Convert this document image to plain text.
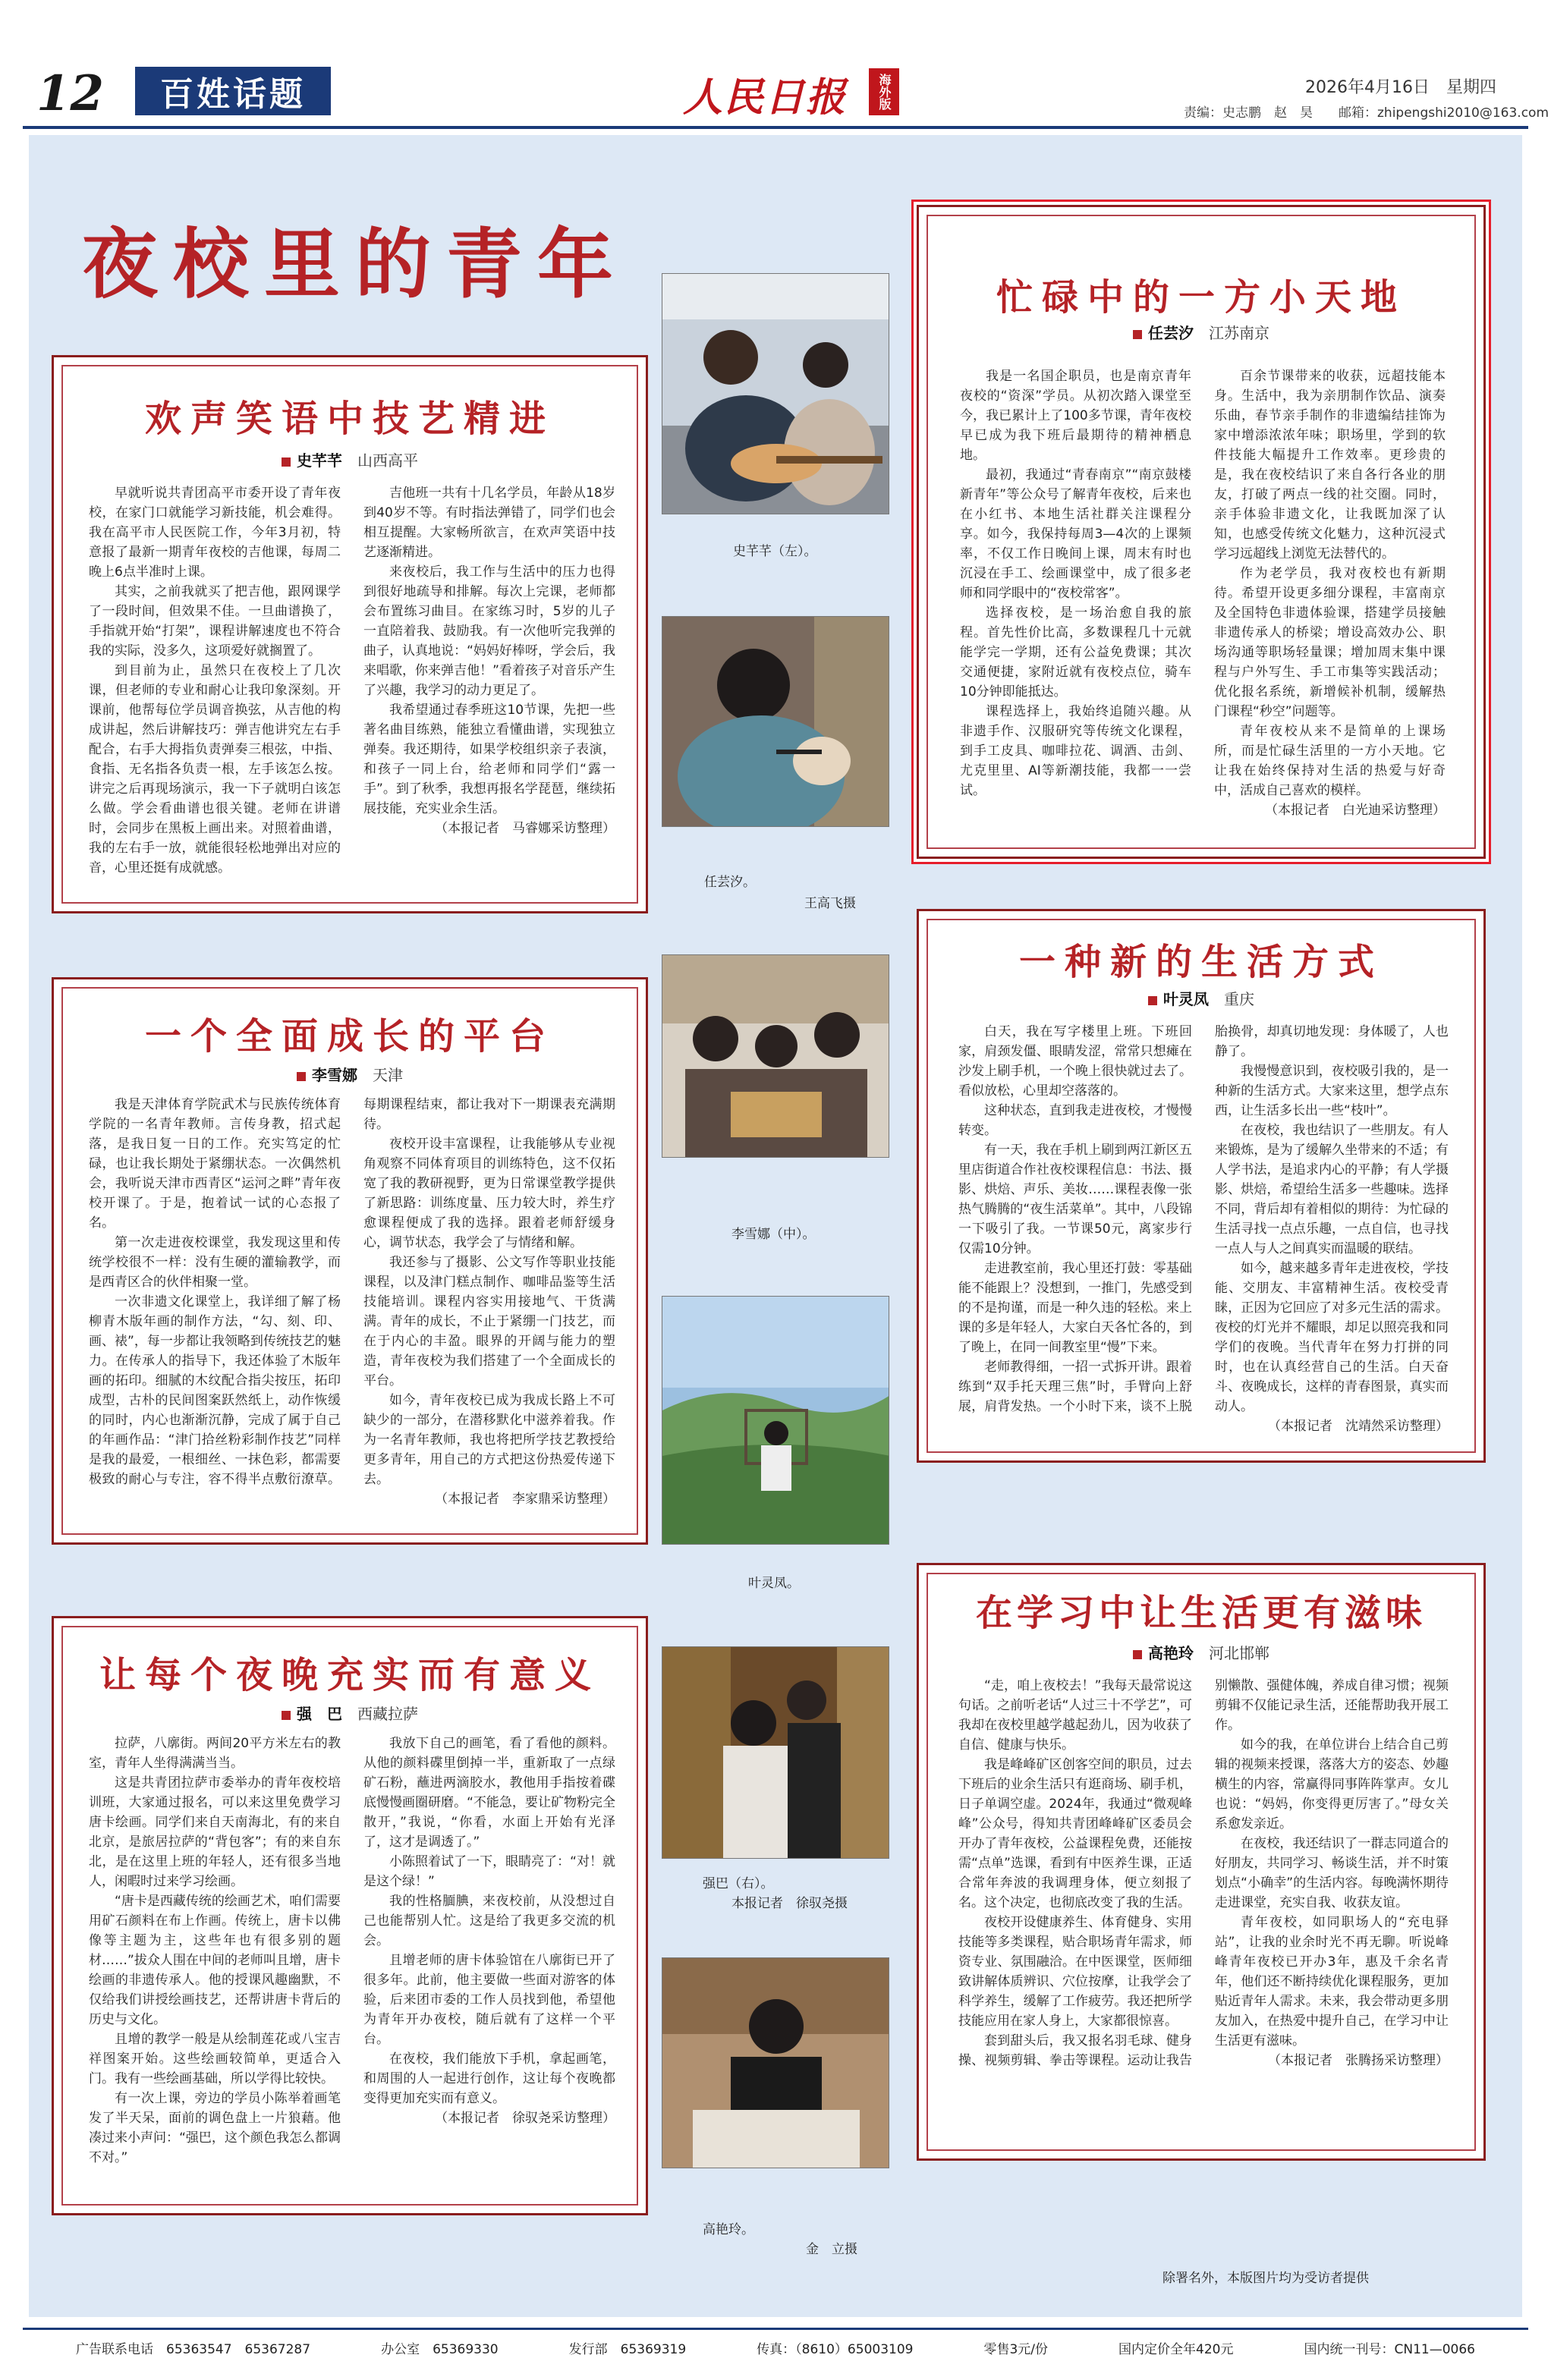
12	百姓话题	人民日报 海外版	2026年4月16日　星期四
责编：史志鹏　赵　昊　　邮箱：zhipengshi2010@163.com
夜校里的青年
欢声笑语中技艺精进
史芊芊　 山西高平

早就听说共青团高平市委开设了青年夜校，在家门口就能学习新技能，机会难得。我在高平市人民医院工作，今年3月初，特意报了最新一期青年夜校的吉他课，每周二晚上6点半准时上课。

其实，之前我就买了把吉他，跟网课学了一段时间，但效果不佳。一旦曲谱换了，手指就开始“打架”，课程讲解速度也不符合我的实际，没多久，这项爱好就搁置了。

到目前为止，虽然只在夜校上了几次课，但老师的专业和耐心让我印象深刻。开课前，他帮每位学员调音换弦，从吉他的构成讲起，然后讲解技巧：弹吉他讲究左右手配合，右手大拇指负责弹奏三根弦，中指、食指、无名指各负责一根，左手该怎么按。讲完之后再现场演示，我一下子就明白该怎么做。学会看曲谱也很关键。老师在讲谱时，会同步在黑板上画出来。对照着曲谱，我的左右手一放，就能很轻松地弹出对应的音，心里还挺有成就感。

吉他班一共有十几名学员，年龄从18岁到40岁不等。有时指法弹错了，同学们也会相互提醒。大家畅所欲言，在欢声笑语中技艺逐渐精进。

来夜校后，我工作与生活中的压力也得到很好地疏导和排解。每次上完课，老师都会布置练习曲目。在家练习时，5岁的儿子一直陪着我、鼓励我。有一次他听完我弹的曲子，认真地说：“妈妈好棒呀，学会后，我来唱歌，你来弹吉他！”看着孩子对音乐产生了兴趣，我学习的动力更足了。

我希望通过春季班这10节课，先把一些著名曲目练熟，能独立看懂曲谱，实现独立弹奏。我还期待，如果学校组织亲子表演，和孩子一同上台，给老师和同学们“露一手”。到了秋季，我想再报名学琵琶，继续拓展技能，充实业余生活。

（本报记者　马睿娜采访整理）

忙碌中的一方小天地
任芸汐　 江苏南京

我是一名国企职员，也是南京青年夜校的“资深”学员。从初次踏入课堂至今，我已累计上了100多节课，青年夜校早已成为我下班后最期待的精神栖息地。

最初，我通过“青春南京”“南京鼓楼新青年”等公众号了解青年夜校，后来也在小红书、本地生活社群关注课程分享。如今，我保持每周3—4次的上课频率，不仅工作日晚间上课，周末有时也沉浸在手工、绘画课堂中，成了很多老师和同学眼中的“夜校常客”。

选择夜校，是一场治愈自我的旅程。首先性价比高，多数课程几十元就能学完一学期，还有公益免费课；其次交通便捷，家附近就有夜校点位，骑车10分钟即能抵达。

课程选择上，我始终追随兴趣。从非遗手作、汉服研究等传统文化课程，到手工皮具、咖啡拉花、调酒、击剑、尤克里里、AI等新潮技能，我都一一尝试。

百余节课带来的收获，远超技能本身。生活中，我为亲朋制作饮品、演奏乐曲，春节亲手制作的非遗编结挂饰为家中增添浓浓年味；职场里，学到的软件技能大幅提升工作效率。更珍贵的是，我在夜校结识了来自各行各业的朋友，打破了两点一线的社交圈。同时，亲手体验非遗文化，让我既加深了认知，也感受传统文化魅力，这种沉浸式学习远超线上浏览无法替代的。

作为老学员，我对夜校也有新期待。希望开设更多细分课程，丰富南京及全国特色非遗体验课，搭建学员接触非遗传承人的桥梁；增设高效办公、职场沟通等职场轻量课；增加周末集中课程与户外写生、手工市集等实践活动；优化报名系统，新增候补机制，缓解热门课程“秒空”问题等。

青年夜校从来不是简单的上课场所，而是忙碌生活里的一方小天地。它让我在始终保持对生活的热爱与好奇中，活成自己喜欢的模样。

（本报记者　白光迪采访整理）

一个全面成长的平台
李雪娜　 天津

我是天津体育学院武术与民族传统体育学院的一名青年教师。言传身教，招式起落，是我日复一日的工作。充实笃定的忙碌，也让我长期处于紧绷状态。一次偶然机会，我听说天津市西青区“运河之畔”青年夜校开课了。于是，抱着试一试的心态报了名。

第一次走进夜校课堂，我发现这里和传统学校很不一样：没有生硬的灌输教学，而是西青区合的伙伴相聚一堂。

一次非遗文化课堂上，我详细了解了杨柳青木版年画的制作方法，“勾、刻、印、画、裱”，每一步都让我领略到传统技艺的魅力。在传承人的指导下，我还体验了木版年画的拓印。细腻的木纹配合指尖按压，拓印成型，古朴的民间图案跃然纸上，动作恢缓的同时，内心也渐渐沉静，完成了属于自己的年画作品：“津门拾丝粉彩制作技艺”同样是我的最爱，一根细丝、一抹色彩，都需要极致的耐心与专注，容不得半点敷衍潦草。每期课程结束，都让我对下一期课表充满期待。

夜校开设丰富课程，让我能够从专业视角观察不同体育项目的训练特色，这不仅拓宽了我的教研视野，更为日常课堂教学提供了新思路：训练度量、压力较大时，养生疗愈课程便成了我的选择。跟着老师舒缓身心，调节状态，我学会了与情绪和解。

我还参与了摄影、公文写作等职业技能课程，以及津门糕点制作、咖啡品鉴等生活技能培训。课程内容实用接地气、干货满满。青年的成长，不止于紧绷一门技艺，而在于内心的丰盈。眼界的开阔与能力的塑造，青年夜校为我们搭建了一个全面成长的平台。

如今，青年夜校已成为我成长路上不可缺少的一部分，在潜移默化中滋养着我。作为一名青年教师，我也将把所学技艺教授给更多青年，用自己的方式把这份热爱传递下去。

（本报记者　李家鼎采访整理）

一种新的生活方式
叶灵凤　 重庆

白天，我在写字楼里上班。下班回家，肩颈发僵、眼睛发涩，常常只想瘫在沙发上刷手机，一个晚上很快就过去了。看似放松，心里却空落落的。

这种状态，直到我走进夜校，才慢慢转变。

有一天，我在手机上刷到两江新区五里店街道合作社夜校课程信息：书法、摄影、烘焙、声乐、美妆……课程表像一张热气腾腾的“夜生活菜单”。其中，八段锦一下吸引了我。一节课50元，离家步行仅需10分钟。

走进教室前，我心里还打鼓：零基础能不能跟上？没想到，一推门，先感受到的不是拘谨，而是一种久违的轻松。来上课的多是年轻人，大家白天各忙各的，到了晚上，在同一间教室里“慢”下来。

老师教得细，一招一式拆开讲。跟着练到“双手托天理三焦”时，手臂向上舒展，肩背发热。一个小时下来，谈不上脱胎换骨，却真切地发现：身体暖了，人也静了。

我慢慢意识到，夜校吸引我的，是一种新的生活方式。大家来这里，想学点东西，让生活多长出一些“枝叶”。

在夜校，我也结识了一些朋友。有人来锻炼，是为了缓解久坐带来的不适；有人学书法，是追求内心的平静；有人学摄影、烘焙，希望给生活多一些趣味。选择不同，背后却有着相似的期待：为忙碌的生活寻找一点点乐趣，一点自信，也寻找一点人与人之间真实而温暖的联结。

如今，越来越多青年走进夜校，学技能、交朋友、丰富精神生活。夜校受青睐，正因为它回应了对多元生活的需求。夜校的灯光并不耀眼，却足以照亮我和同学们的夜晚。当代青年在努力打拼的同时，也在认真经营自己的生活。白天奋斗、夜晚成长，这样的青春图景，真实而动人。

（本报记者　沈靖然采访整理）

让每个夜晚充实而有意义
强　巴　 西藏拉萨

拉萨，八廓街。两间20平方米左右的教室，青年人坐得满满当当。

这是共青团拉萨市委举办的青年夜校培训班，大家通过报名，可以来这里免费学习唐卡绘画。同学们来自天南海北，有的来自北京，是旅居拉萨的“背包客”；有的来自东北，是在这里上班的年轻人，还有很多当地人，闲暇时过来学习绘画。

“唐卡是西藏传统的绘画艺术，咱们需要用矿石颜料在布上作画。传统上，唐卡以佛像等主题为主，这些年也有很多别的题材……”拔众人围在中间的老师叫且增，唐卡绘画的非遗传承人。他的授课风趣幽默，不仅给我们讲授绘画技艺，还帮讲唐卡背后的历史与文化。

且增的教学一般是从绘制莲花或八宝吉祥图案开始。这些绘画较简单，更适合入门。我有一些绘画基础，所以学得比较快。

有一次上课，旁边的学员小陈举着画笔发了半天呆，面前的调色盘上一片狼藉。他凑过来小声问：“强巴，这个颜色我怎么都调不对。”

我放下自己的画笔，看了看他的颜料。从他的颜料碟里倒掉一半，重新取了一点绿矿石粉，蘸进两滴胶水，教他用手指按着碟底慢慢画圈研磨。“不能急，要让矿物粉完全散开，”我说，“你看，水面上开始有光泽了，这才是调透了。”

小陈照着试了一下，眼睛亮了：“对！就是这个绿！”

我的性格腼腆，来夜校前，从没想过自己也能帮别人忙。这是给了我更多交流的机会。

且增老师的唐卡体验馆在八廓街已开了很多年。此前，他主要做一些面对游客的体验，后来团市委的工作人员找到他，希望他为青年开办夜校，随后就有了这样一个平台。

在夜校，我们能放下手机，拿起画笔，和周围的人一起进行创作，这让每个夜晚都变得更加充实而有意义。

（本报记者　徐驭尧采访整理）

在学习中让生活更有滋味
高艳玲　 河北邯郸

“走，咱上夜校去！”我每天最常说这句话。之前听老话“人过三十不学艺”，可我却在夜校里越学越起劲儿，因为收获了自信、健康与快乐。

我是峰峰矿区创客空间的职员，过去下班后的业余生活只有逛商场、刷手机，日子单调空虚。2024年，我通过“微观峰峰”公众号，得知共青团峰峰矿区委员会开办了青年夜校，公益课程免费，还能按需“点单”选课，看到有中医养生课，正适合常年奔波的我调理身体，便立刻报了名。这个决定，也彻底改变了我的生活。

夜校开设健康养生、体育健身、实用技能等多类课程，贴合职场青年需求，师资专业、氛围融洽。在中医课堂，医师细致讲解体质辨识、穴位按摩，让我学会了科学养生，缓解了工作疲劳。我还把所学技能应用在家人身上，大家都很惊喜。

套到甜头后，我又报名羽毛球、健身操、视频剪辑、拳击等课程。运动让我告别懒散、强健体魄，养成自律习惯；视频剪辑不仅能记录生活，还能帮助我开展工作。

如今的我，在单位讲台上结合自己剪辑的视频来授课，落落大方的姿态、妙趣横生的内容，常赢得同事阵阵掌声。女儿也说：“妈妈，你变得更厉害了。”母女关系愈发亲近。

在夜校，我还结识了一群志同道合的好朋友，共同学习、畅谈生活，并不时策划点“小确幸”的生活内容。每晚满怀期待走进课堂，充实自我、收获友谊。

青年夜校，如同职场人的“充电驿站”，让我的业余时光不再无聊。听说峰峰青年夜校已开办3年，惠及千余名青年，他们还不断持续优化课程服务，更加贴近青年人需求。未来，我会带动更多朋友加入，在热爱中提升自己，在学习中让生活更有滋味。

（本报记者　张腾扬采访整理）

史芊芊（左）。
任芸汐。
王高飞摄
李雪娜（中）。
叶灵凤。
强巴（右）。
本报记者　徐驭尧摄
高艳玲。
金　立摄
除署名外，本版图片均为受访者提供
广告联系电话　65363547　65367287	办公室　65369330	发行部　65369319	传真：（8610）65003109	零售3元/份	国内定价全年420元	国内统一刊号：CN11—0066
